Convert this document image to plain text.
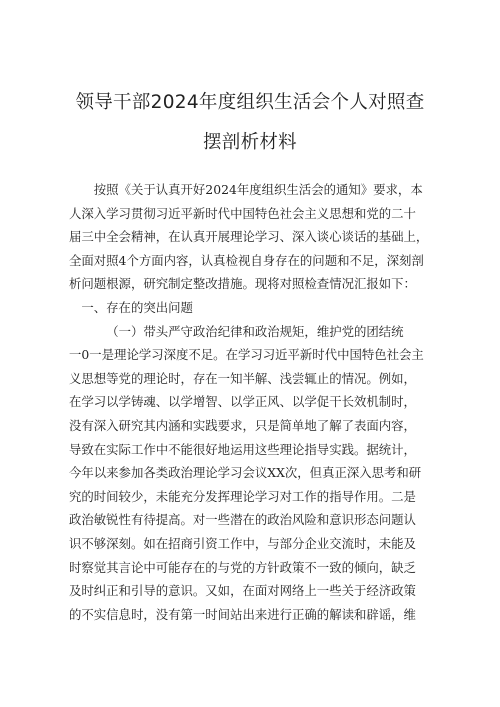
领导干部2024年度组织生活会个人对照查
摆剖析材料
按照《关于认真开好2024年度组织生活会的通知》要求，本
人深入学习贯彻习近平新时代中国特色社会主义思想和党的二十
届三中全会精神，在认真开展理论学习、深入谈心谈话的基础上，
全面对照4个方面内容，认真检视自身存在的问题和不足，深刻剖
析问题根源，研究制定整改措施。现将对照检查情况汇报如下：
一、存在的突出问题
（一）带头严守政治纪律和政治规矩，维护党的团结统
一0一是理论学习深度不足。在学习习近平新时代中国特色社会主
义思想等党的理论时，存在一知半解、浅尝辄止的情况。例如，
在学习以学铸魂、以学增智、以学正风、以学促干长效机制时，
没有深入研究其内涵和实践要求，只是简单地了解了表面内容，
导致在实际工作中不能很好地运用这些理论指导实践。据统计，
今年以来参加各类政治理论学习会议XX次，但真正深入思考和研
究的时间较少，未能充分发挥理论学习对工作的指导作用。二是
政治敏锐性有待提高。对一些潜在的政治风险和意识形态问题认
识不够深刻。如在招商引资工作中，与部分企业交流时，未能及
时察觉其言论中可能存在的与党的方针政策不一致的倾向，缺乏
及时纠正和引导的意识。又如，在面对网络上一些关于经济政策
的不实信息时，没有第一时间站出来进行正确的解读和辟谣，维
